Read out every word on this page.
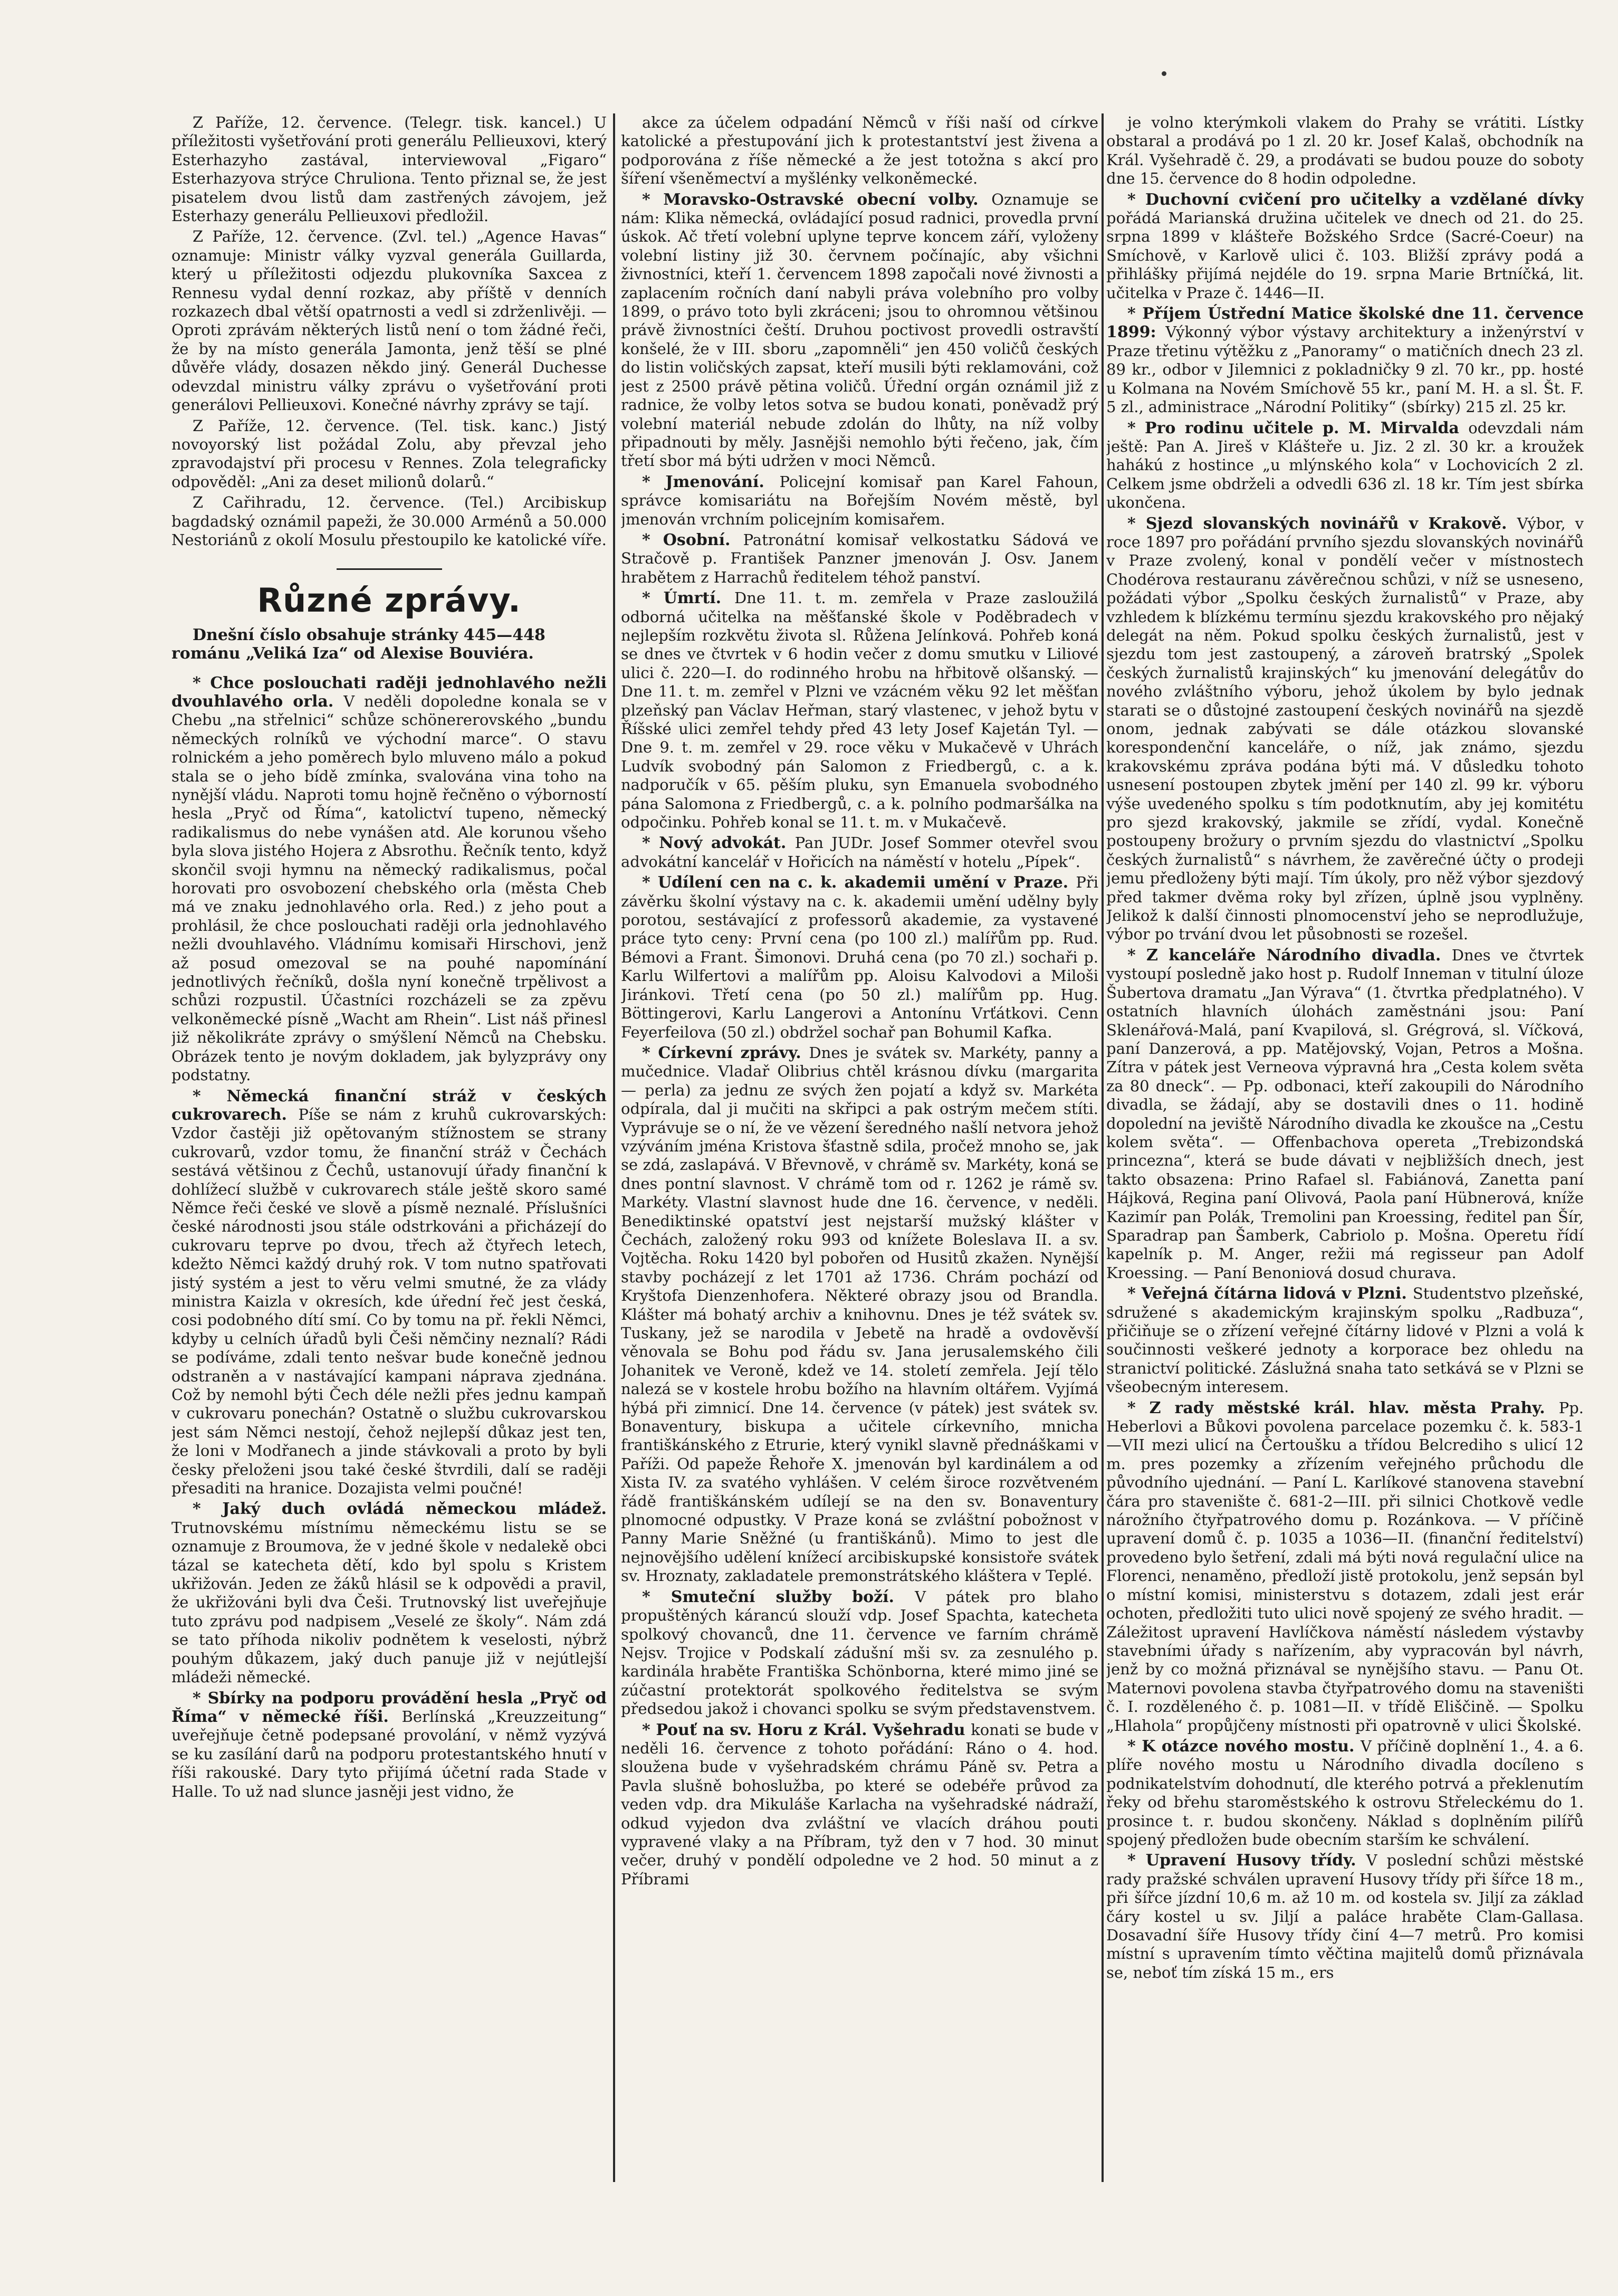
Z Paříže, 12. července. (Telegr. tisk. kancel.) U příležitosti vyšetřování proti generálu Pellieuxovi, který Esterhazyho zastával, interviewoval „Figaro“ Esterhazyova strýce Chruliona. Tento přiznal se, že jest pisatelem dvou listů dam zastřených závojem, jež Esterhazy generálu Pellieuxovi předložil.

Z Paříže, 12. července. (Zvl. tel.) „Agence Havas“ oznamuje: Ministr války vyzval generála Guillarda, který u příležitosti odjezdu plukovníka Saxcea z Rennesu vydal denní rozkaz, aby příště v denních rozkazech dbal větší opatrnosti a vedl si zdrženlivěji. — Oproti zprávám některých listů není o tom žádné řeči, že by na místo generála Jamonta, jenž těší se plné důvěře vlády, dosazen někdo jiný. Generál Duchesse odevzdal ministru války zprávu o vyšetřování proti generálovi Pellieuxovi. Konečné návrhy zprávy se tají.

Z Paříže, 12. července. (Tel. tisk. kanc.) Jistý novoyorský list požádal Zolu, aby převzal jeho zpravodajství při procesu v Rennes. Zola telegraficky odpověděl: „Ani za deset milionů dolarů.“

Z Cařihradu, 12. července. (Tel.) Arcibiskup bagdadský oznámil papeži, že 30.000 Arménů a 50.000 Nestoriánů z okolí Mosulu přestoupilo ke katolické víře.

Různé zprávy.
Dnešní číslo obsahuje stránky 445—448 románu „Veliká Iza“ od Alexise Bouviéra.

* Chce poslouchati raději jednohlavého nežli dvouhlavého orla. V neděli dopoledne konala se v Chebu „na střelnici“ schůze schönererovského „bundu německých rolníků ve východní marce“. O stavu rolnickém a jeho poměrech bylo mluveno málo a pokud stala se o jeho bídě zmínka, svalována vina toho na nynější vládu. Naproti tomu hojně řečněno o výborností hesla „Pryč od Říma“, katolictví tupeno, německý radikalismus do nebe vynášen atd. Ale korunou všeho byla slova jistého Hojera z Absrothu. Řečník tento, když skončil svoji hymnu na německý radikalismus, počal horovati pro osvobození chebského orla (města Cheb má ve znaku jednohlavého orla. Red.) z jeho pout a prohlásil, že chce poslouchati raději orla jednohlavého nežli dvouhlavého. Vládnímu komisaři Hirschovi, jenž až posud omezoval se na pouhé napomínání jednotlivých řečníků, došla nyní konečně trpělivost a schůzi rozpustil. Účastníci rozcházeli se za zpěvu velkoněmecké písně „Wacht am Rhein“. List náš přinesl již několikráte zprávy o smýšlení Němců na Chebsku. Obrázek tento je novým dokladem, jak bylyzprávy ony podstatny.

* Německá finanční stráž v českých cukrovarech. Píše se nám z kruhů cukrovarských: Vzdor častěji již opětovaným stížnostem se strany cukrovarů, vzdor tomu, že finanční stráž v Čechách sestává většinou z Čechů, ustanovují úřady finanční k dohlížecí službě v cukrovarech stále ještě skoro samé Němce řeči české ve slově a písmě neznalé. Příslušníci české národnosti jsou stále odstrkováni a přicházejí do cukrovaru teprve po dvou, třech až čtyřech letech, kdežto Němci každý druhý rok. V tom nutno spatřovati jistý systém a jest to věru velmi smutné, že za vlády ministra Kaizla v okresích, kde úřední řeč jest česká, cosi podobného dítí smí. Co by tomu na př. řekli Němci, kdyby u celních úřadů byli Češi němčiny neznalí? Rádi se podíváme, zdali tento nešvar bude konečně jednou odstraněn a v nastávající kampani nápravа zjednána. Což by nemohl býti Čech déle nežli přes jednu kampaň v cukrovaru ponechán? Ostatně o službu cukrovarskou jest sám Němci nestojí, čehož nejlepší důkaz jest ten, že loni v Modřanech a jinde stávkovali a proto by byli česky přeloženi jsou také české štvrdili, dalí se raději přesaditi na hranice. Dozajista velmi poučné!

* Jaký duch ovládá německou mládež. Trutnovskému místnímu německému listu se se oznamuje z Broumova, že v jedné škole v nedalekě obci tázal se katecheta dětí, kdo byl spolu s Kristem ukřižován. Jeden ze žáků hlásil se k odpovědi a pravil, že ukřižováni byli dva Češi. Trutnovský list uveřejňuje tuto zprávu pod nadpisem „Veselé ze školy“. Nám zdá se tato příhoda nikoliv podnětem k veselosti, nýbrž pouhým důkazem, jaký duch panuje již v nejútlejší mládeži německé.

* Sbírky na podporu provádění hesla „Pryč od Říma“ v německé říši. Berlínská „Kreuzzeitung“ uveřejňuje četně podepsané provolání, v němž vyzývá se ku zasílání darů na podporu protestantského hnutí v říši rakouské. Dary tyto přijímá účetní rada Stade v Halle. To už nad slunce jasněji jest vidno, že

akce za účelem odpadání Němců v říši naší od církve katolické a přestupování jich k protestantství jest živena a podporována z říše německé a že jest totožna s akcí pro šíření všeněmectví a myšlénky velkoněmecké.

* Moravsko-Ostravské obecní volby. Oznamuje se nám: Klika německá, ovládající posud radnici, provedla první úskok. Ač třetí volební uplyne teprve koncem září, vyloženy volební listiny již 30. červnem počínajíc, aby všichni živnostníci, kteří 1. červencem 1898 započali nové živnosti a zaplacením ročních daní nabyli práva volebního pro volby 1899, o právo toto byli zkráceni; jsou to ohromnou většinou právě živnostníci čeští. Druhou poctivost provedli ostravští konšelé, že v III. sboru „zapomněli“ jen 450 voličů českých do listin voličských zapsat, kteří musili býti reklamováni, což jest z 2500 právě pětina voličů. Úřední orgán oznámil již z radnice, že volby letos sotva se budou konati, poněvadž prý volební materiál nebude zdolán do lhůty, na níž volby připadnouti by měly. Jasnějši nemohlo býti řečeno, jak, čím třetí sbor má býti udržen v moci Němců.

* Jmenování. Policejní komisař pan Karel Fahoun, správce komisariátu na Bořejším Novém městě, byl jmenován vrchním policejním komisařem.

* Osobní. Patronátní komisař velkostatku Sádová ve Stračově p. František Panzner jmenován J. Osv. Janem hrabětem z Harrachů ředitelem téhož panství.

* Úmrtí. Dne 11. t. m. zemřela v Praze zasloužilá odborná učitelka na měšťanské škole v Poděbradech v nejlepším rozkvětu života sl. Růžena Jelínková. Pohřeb koná se dnes ve čtvrtek v 6 hodin večer z domu smutku v Liliové ulici č. 220—I. do rodinného hrobu na hřbitově olšanský. — Dne 11. t. m. zemřel v Plzni ve vzácném věku 92 let měšťan plzeňský pan Václav Heřman, starý vlastenec, v jehož bytu v Říšské ulici zemřel tehdy před 43 lety Josef Kajetán Tyl. — Dne 9. t. m. zemřel v 29. roce věku v Mukačevě v Uhrách Ludvík svobodný pán Salomon z Friedbergů, c. a k. nadporučík v 65. pěším pluku, syn Emanuela svobodného pána Salomona z Friedbergů, c. a k. polního podmaršálka na odpočinku. Pohřeb konal se 11. t. m. v Mukačevě.

* Nový advokát. Pan JUDr. Josef Sommer otevřel svou advokátní kancelář v Hořicích na náměstí v hotelu „Pípek“.

* Udílení cen na c. k. akademii umění v Praze. Při závěrku školní výstavy na c. k. akademii umění udělny byly porotou, sestávající z professorů akademie, za vystavené práce tyto ceny: První cena (po 100 zl.) malířům pp. Rud. Bémovi a Frant. Šimonovi. Druhá cena (po 70 zl.) sochaři p. Karlu Wilfertovi a malířům pp. Aloisu Kalvodovi a Miloši Jiránkovi. Třetí cena (po 50 zl.) malířům pp. Hug. Böttingerovi, Karlu Langerovi a Antonínu Vrťátkovi. Cenn Feyerfeilova (50 zl.) obdržel sochař pan Bohumil Kafka.

* Církevní zprávy. Dnes je svátek sv. Markéty, panny a mučednice. Vladař Olibrius chtěl krásnou dívku (margarita — perla) za jednu ze svých žen pojatí a když sv. Markéta odpírala, dal ji mučiti na skřipci a pak ostrým mečem stíti. Vyprávuje se o ní, že ve vězení šeredného našlí netvora jehož vzýváním jména Kristova šťastně sdila, pročež mnoho se, jak se zdá, zaslapává. V Břevnově, v chrámě sv. Markéty, koná se dnes pontní slavnost. V chrámě tom od r. 1262 je rámě sv. Markéty. Vlastní slavnost hude dne 16. července, v neděli. Benediktinské opatství jest nejstarší mužský klášter v Čechách, založený roku 993 od knížete Boleslava II. a sv. Vojtěcha. Roku 1420 byl pobořen od Husitů zkažen. Nynější stavby pocházejí z let 1701 až 1736. Chrám pochází od Kryštofa Dienzenhofera. Některé obrazy jsou od Brandla. Klášter má bohatý archiv a knihovnu. Dnes je též svátek sv. Tuskany, jež se narodila v Jebetě na hradě a ovdověvší věnovala se Bohu pod řádu sv. Jana jerusalemského čili Johanitek ve Veroně, kdež ve 14. století zemřela. Její tělo nalezá se v kostele hrobu božího na hlavním oltářem. Vyjímá hýbá při zimnicí. Dne 14. července (v pátek) jest svátek sv. Bonaventury, biskupa a učitele církevního, mnicha františkánského z Etrurie, který vynikl slavně přednáškami v Paříži. Od papeže Řehoře X. jmenován byl kardinálem a od Xista IV. za svatého vyhlášen. V celém široce rozvětveném řádě františkánském udílejí se na den sv. Bonaventury plnomocné odpustky. V Praze koná se zvláštní pobožnost v Panny Marie Sněžné (u františkánů). Mimo to jest dle nejnovějšího udělení knížecí arcibiskupské konsistoře svátek sv. Hroznaty, zakladatele premonstrátského kláštera v Teplé.

* Smuteční služby boží. V pátek pro blaho propuštěných kárancú slouží vdp. Josef Spachta, katecheta spolkový chovanců, dne 11. července ve farním chrámě Nejsv. Trojice v Podskalí zádušní mši sv. za zesnulého p. kardinála hraběte Františka Schönborna, které mimo jiné se zúčastní protektorát spolkového ředitelstva se svým předsedou jakož i chovanci spolku se svým představenstvem.

* Pouť na sv. Horu z Král. Vyšehradu konati se bude v neděli 16. července z tohoto pořádání: Ráno o 4. hod. sloužena bude v vyšehradském chrámu Páně sv. Petra a Pavla slušně bohoslužba, po které se odebéře průvod za veden vdp. dra Mikuláše Karlacha na vyšehradské nádraží, odkud vyjedon dva zvláštní ve vlacích dráhou pouti vypravené vlaky a na Příbram, tyž den v 7 hod. 30 minut večer, druhý v pondělí odpoledne ve 2 hod. 50 minut a z Příbrami

je volno kterýmkoli vlakem do Prahy se vrátiti. Lístky obstaral a prodává po 1 zl. 20 kr. Josef Kalaš, obchodník na Král. Vyšehradě č. 29, a prodávati se budou pouze do soboty dne 15. července do 8 hodin odpoledne.

* Duchovní cvičení pro učitelky a vzdělané dívky pořádá Marianská družina učitelek ve dnech od 21. do 25. srpna 1899 v klášteře Božského Srdce (Sacré-Coeur) na Smíchově, v Karlově ulici č. 103. Bližší zprávy podá a přihlášky přijímá nejdéle do 19. srpna Marie Brtníčká, lit. učitelka v Praze č. 1446—II.

* Příjem Ústřední Matice školské dne 11. července 1899: Výkonný výbor výstavy architektury a inženýrství v Praze třetinu výtěžku z „Panoramy“ o matičních dnech 23 zl. 89 kr., odbor v Jilemnici z pokladničky 9 zl. 70 kr., pp. hosté u Kolmana na Novém Smíchově 55 kr., paní M. H. a sl. Št. F. 5 zl., administrace „Národní Politiky“ (sbírky) 215 zl. 25 kr.

* Pro rodinu učitele p. M. Mirvalda odevzdali nám ještě: Pan A. Jireš v Klášteře u. Jiz. 2 zl. 30 kr. a kroužek hahákú z hostince „u mlýnského kola“ v Lochovicích 2 zl. Celkem jsme obdrželi a odvedli 636 zl. 18 kr. Tím jest sbírka ukončena.

* Sjezd slovanských novinářů v Krakově. Výbor, v roce 1897 pro pořádání prvního sjezdu slovanských novinářů v Praze zvolený, konal v pondělí večer v místnostech Chodérova restauranu závěrečnou schůzi, v níž se usneseno, požádati výbor „Spolku českých žurnalistů“ v Praze, aby vzhledem k blízkému termínu sjezdu krakovského pro nějaký delegát na něm. Pokud spolku českých žurnalistů, jest v sjezdu tom jest zastoupený, a zároveň bratrský „Spolek českých žurnalistů krajinských“ ku jmenování delegátův do nového zvláštního výboru, jehož úkolem by bylo jednak starati se o důstojné zastoupení českých novinářů na sjezdě onom, jednak zabývati se dále otázkou slovanské korespondenční kanceláře, o níž, jak známo, sjezdu krakovskému zpráva podána býti má. V důsledku tohoto usnesení postoupen zbytek jmění per 140 zl. 99 kr. výboru výše uvedeného spolku s tím podotknutím, aby jej komitétu pro sjezd krakovský, jakmile se zřídí, vydal. Konečně postoupeny brožury o prvním sjezdu do vlastnictví „Spolku českých žurnalistů“ s návrhem, že zavěrečné účty o prodeji jemu předloženy býti mají. Tím úkoly, pro něž výbor sjezdový před takmer dvěma roky byl zřízen, úplně jsou vyplněny. Jelikož k další činnosti plnomocenství jeho se neprodlužuje, výbor po trvání dvou let působnosti se rozešel.

* Z kanceláře Národního divadla. Dnes ve čtvrtek vystoupí posledně jako host p. Rudolf Inneman v titulní úloze Šubertova dramatu „Jan Výrava“ (1. čtvrtka předplatného). V ostatních hlavních úlohách zaměstnáni jsou: Paní Sklenářová-Malá, paní Kvapilová, sl. Grégrová, sl. Víčková, paní Danzerová, a pp. Matějovský, Vojan, Petros a Mošna. Zítra v pátek jest Verneova výpravná hra „Cesta kolem světa za 80 dneck“. — Pp. odbonaci, kteří zakoupili do Národního divadla, se žádají, aby se dostavili dnes o 11. hodině dopolední na jeviště Národního divadla ke zkoušce na „Cestu kolem světa“. — Offenbachova opereta „Trebizondská princezna“, která se bude dávati v nejbližších dnech, jest takto obsazena: Prino Rafael sl. Fabiánová, Zanetta paní Hájková, Regina paní Olivová, Paola paní Hübnerová, kníže Kazimír pan Polák, Tremolini pan Kroessing, ředitel pan Šír, Sparadrap pan Šamberk, Cabriolo p. Mošna. Operetu řídí kapelník p. M. Anger, režii má regisseur pan Adolf Kroessing. — Paní Benoniová dosud churava.

* Veřejná čítárna lidová v Plzni. Studentstvo plzeňské, sdružené s akademickým krajinským spolku „Radbuza“, přičiňuje se o zřízení veřejné čítárny lidové v Plzni a volá k součinnosti veškeré jednoty a korporace bez ohledu na stranictví politické. Záslužná snaha tato setkává se v Plzni se všeobecným interesem.

* Z rady městské král. hlav. města Prahy. Pp. Heberlovi a Bůkovi povolena parcelace pozemku č. k. 583-1—VII mezi ulicí na Čertoušku a třídou Belcrediho s ulicí 12 m. pres pozemky a zřízením veřejného průchodu dle původního ujednání. — Paní L. Karlíkové stanovena stavební čára pro stavenište č. 681-2—III. při silnici Chotkově vedle nárožního čtyřpatrového domu p. Rozánkova. — V příčině upravení domů č. p. 1035 a 1036—II. (finanční ředitelství) provedeno bylo šetření, zdali má býti nová regulační ulice na Florenci, nenaměno, předloží jistě protokolu, jenž sepsán byl o místní komisi, ministerstvu s dotazem, zdali jest erár ochoten, předložiti tuto ulici nově spojený ze svého hradit. — Záležitost upravení Havlíčkova náměstí následem výstavby stavebními úřady s nařízením, aby vypracován byl návrh, jenž by co možná přiznával se nynějšího stavu. — Panu Ot. Maternovi povolena stavba čtyřpatrového domu na staveništi č. I. rozděleného č. p. 1081—II. v třídě Eliščině. — Spolku „Hlahola“ propůjčeny místnosti při opatrovně v ulici Školské.

* K otázce nového mostu. V příčině doplnění 1., 4. a 6. plíře nového mostu u Národního divadla docíleno s podnikatelstvím dohodnutí, dle kterého potrvá a překlenutím řeky od břehu staroměstského k ostrovu Střeleckému do 1. prosince t. r. budou skončeny. Náklad s doplněním pilířů spojený předložen bude obecním starším ke schválení.

* Upravení Husovy třídy. V poslední schůzi městské rady pražské schválen upravení Husovy třídy při šířce 18 m., při šířce jízdní 10,6 m. až 10 m. od kostela sv. Jiljí za základ čáry kostel u sv. Jiljí a paláce hraběte Clam-Gallasa. Dosavadní šíře Husovy třídy činí 4—7 metrů. Pro komisi místní s upravením tímto věčtina majitelů domů přiznávala se, neboť tím získá 15 m., ers
